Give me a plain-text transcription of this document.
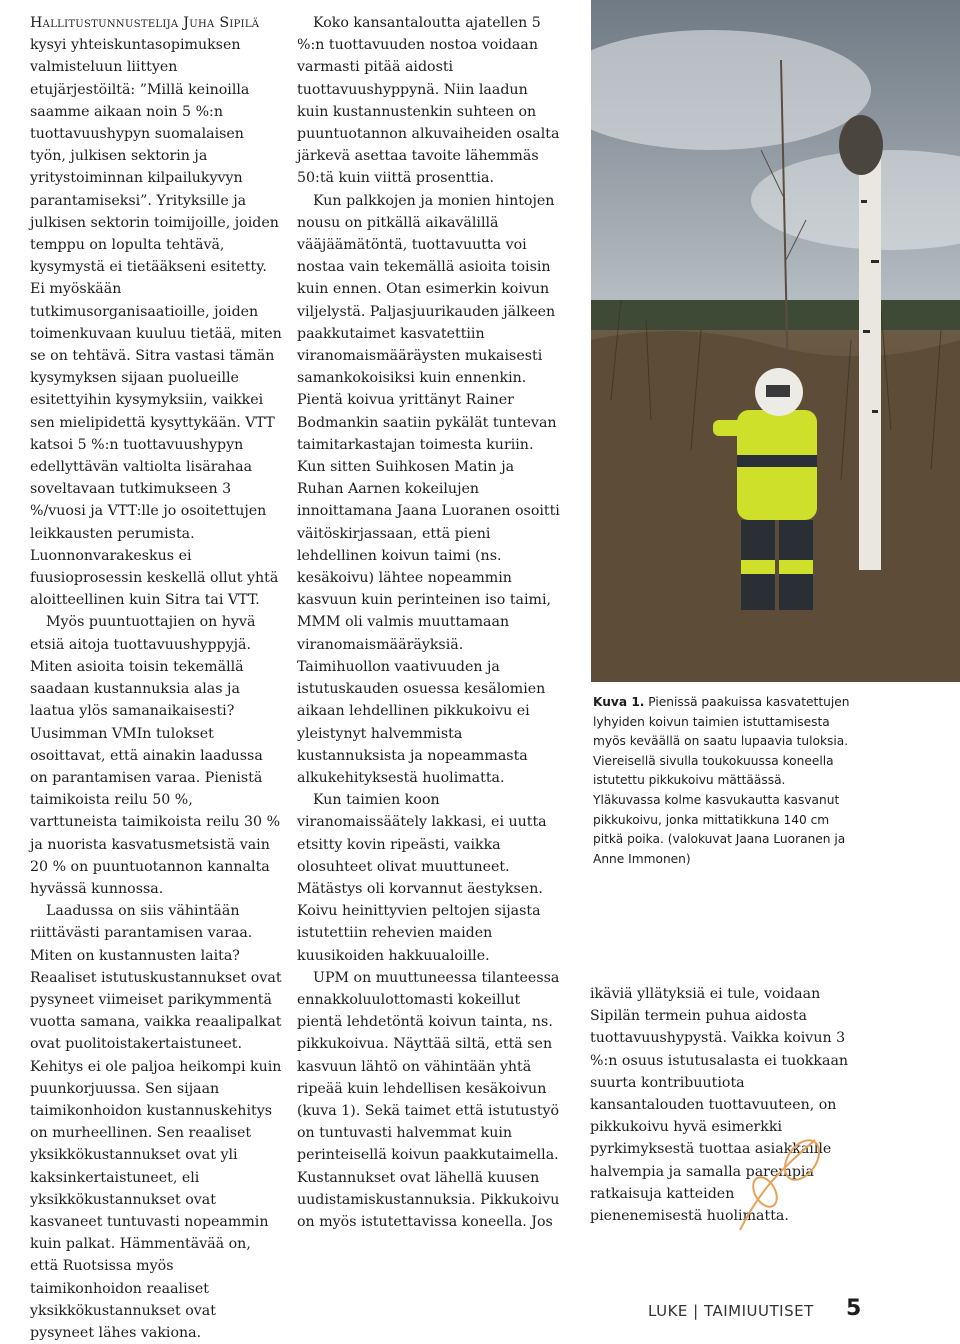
Hallitustunnustelija Juha Sipilä kysyi yhteiskuntasopimuksen valmisteluun liittyen etujärjestöiltä: ”Millä keinoilla saamme aikaan noin 5 %:n tuottavuushypyn suomalaisen työn, julkisen sektorin ja yritystoiminnan kilpailukyvyn parantamiseksi”. Yrityksille ja julkisen sektorin toimijoille, joiden temppu on lopulta tehtävä, kysymystä ei tietääkseni esitetty. Ei myöskään tutkimusorganisaatioille, joiden toimenkuvaan kuuluu tietää, miten se on tehtävä. Sitra vastasi tämän kysymyksen sijaan puolueille esitettyihin kysymyksiin, vaikkei sen mielipidettä kysyttykään. VTT katsoi 5 %:n tuottavuushypyn edellyttävän valtiolta lisärahaa soveltavaan tutkimukseen 3 %/vuosi ja VTT:lle jo osoitettujen leikkausten perumista. Luonnonvarakeskus ei fuusioprosessin keskellä ollut yhtä aloitteellinen kuin Sitra tai VTT.

Myös puuntuottajien on hyvä etsiä aitoja tuottavuushyppyjä. Miten asioita toisin tekemällä saadaan kustannuksia alas ja laatua ylös samanaikaisesti? Uusimman VMIn tulokset osoittavat, että ainakin laadussa on parantamisen varaa. Pienistä taimikoista reilu 50 %, varttuneista taimikoista reilu 30 % ja nuorista kasvatusmetsistä vain 20 % on puuntuotannon kannalta hyvässä kunnossa.

Laadussa on siis vähintään riittävästi parantamisen varaa. Miten on kustannusten laita? Reaaliset istutuskustannukset ovat pysyneet viimeiset parikymmentä vuotta samana, vaikka reaalipalkat ovat puolitoistakertaistuneet. Kehitys ei ole paljoa heikompi kuin puunkorjuussa. Sen sijaan taimikonhoidon kustannuskehitys on murheellinen. Sen reaaliset yksikkökustannukset ovat yli kaksinkertaistuneet, eli yksikkökustannukset ovat kasvaneet tuntuvasti nopeammin kuin palkat. Hämmentävää on, että Ruotsissa myös taimikonhoidon reaaliset yksikkökustannukset ovat pysyneet lähes vakiona.

Koko kansantaloutta ajatellen 5 %:n tuottavuuden nostoa voidaan varmasti pitää aidosti tuottavuushyppynä. Niin laadun kuin kustannustenkin suhteen on puuntuotannon alkuvaiheiden osalta järkevä asettaa tavoite lähemmäs 50:tä kuin viittä prosenttia.

Kun palkkojen ja monien hintojen nousu on pitkällä aikavälillä vääjäämätöntä, tuottavuutta voi nostaa vain tekemällä asioita toisin kuin ennen. Otan esimerkin koivun viljelystä. Paljasjuurikauden jälkeen paakkutaimet kasvatettiin viranomaismääräysten mukaisesti samankokoisiksi kuin ennenkin. Pientä koivua yrittänyt Rainer Bodmankin saatiin pykälät tuntevan taimitarkastajan toimesta kuriin. Kun sitten Suihkosen Matin ja Ruhan Aarnen kokeilujen innoittamana Jaana Luoranen osoitti väitöskirjassaan, että pieni lehdellinen koivun taimi (ns. kesäkoivu) lähtee nopeammin kasvuun kuin perinteinen iso taimi, MMM oli valmis muuttamaan viranomaismääräyksiä. Taimihuollon vaativuuden ja istutuskauden osuessa kesälomien aikaan lehdellinen pikkukoivu ei yleistynyt halvemmista kustannuksista ja nopeammasta alkukehityksestä huolimatta.

Kun taimien koon viranomaissäätely lakkasi, ei uutta etsitty kovin ripeästi, vaikka olosuhteet olivat muuttuneet. Mätästys oli korvannut äestyksen. Koivu heinittyvien peltojen sijasta istutettiin rehevien maiden kuusikoiden hakkuualoille.

UPM on muuttuneessa tilanteessa ennakkoluulottomasti kokeillut pientä lehdetöntä koivun tainta, ns. pikkukoivua. Näyttää siltä, että sen kasvuun lähtö on vähintään yhtä ripeää kuin lehdellisen kesäkoivun (kuva 1). Sekä taimet että istutustyö on tuntuvasti halvemmat kuin perinteisellä koivun paakkutaimella. Kustannukset ovat lähellä kuusen uudistamiskustannuksia. Pikkukoivu on myös istutettavissa koneella. Jos

Kuva 1. Pienissä paakuissa kasvatettujen lyhyiden koivun taimien istuttamisesta myös keväällä on saatu lupaavia tuloksia. Viereisellä sivulla toukokuussa koneella istutettu pikkukoivu mättäässä. Yläkuvassa kolme kasvukautta kasvanut pikkukoivu, jonka mittatikkuna 140 cm pitkä poika. (valokuvat Jaana Luoranen ja Anne Immonen)

ikäviä yllätyksiä ei tule, voidaan Sipilän termein puhua aidosta tuottavuushypystä. Vaikka koivun 3 %:n osuus istutusalasta ei tuokkaan suurta kontribuutiota kansantalouden tuottavuuteen, on pikkukoivu hyvä esimerkki pyrkimyksestä tuottaa asiakkaille halvempia ja samalla parempia ratkaisuja katteiden pienenemisestä huolimatta.

LUKE | TAIMIUUTISET 5
